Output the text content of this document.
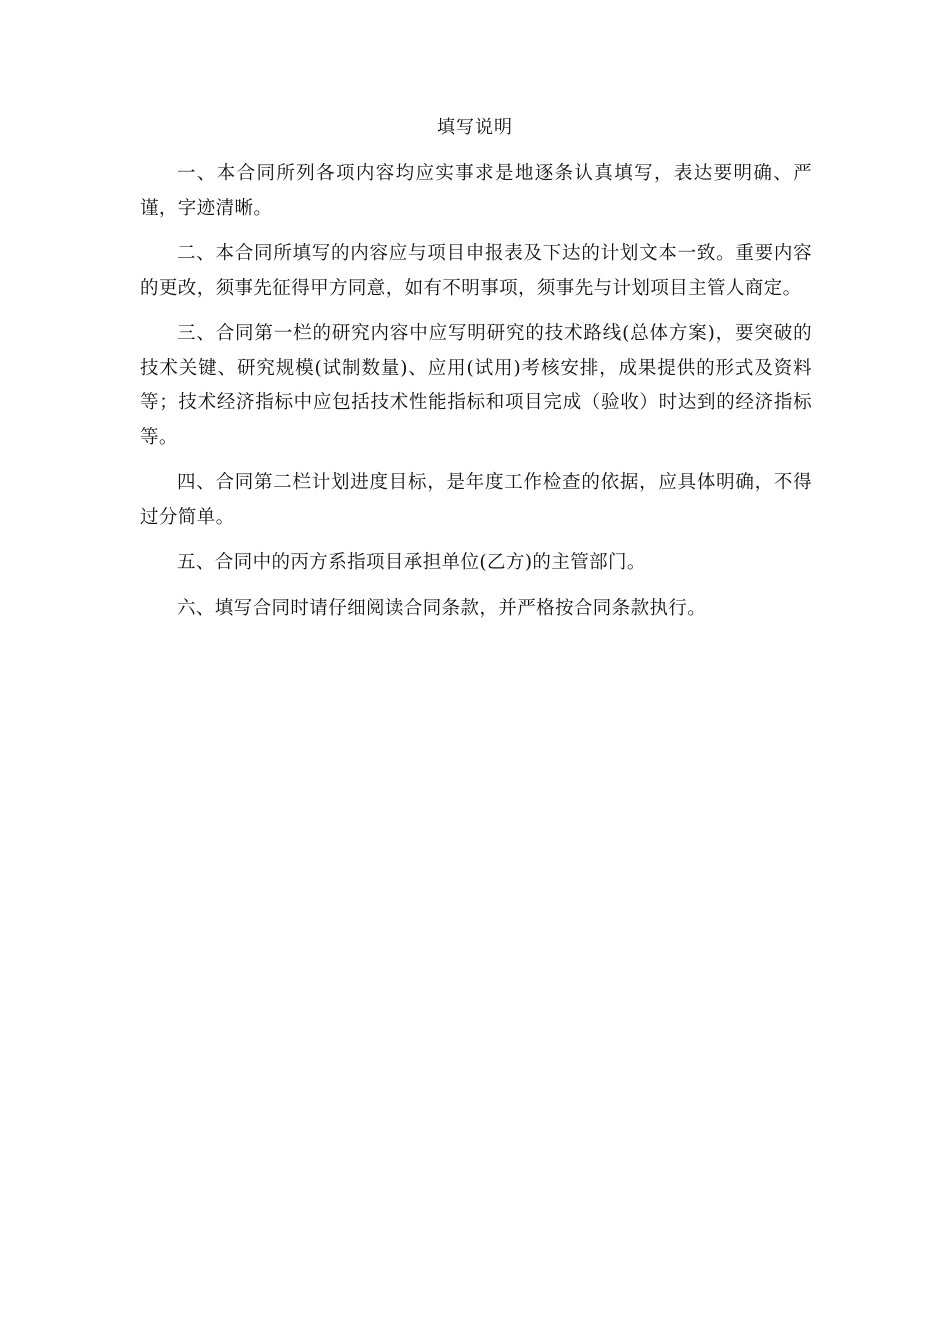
填写说明

一、本合同所列各项内容均应实事求是地逐条认真填写，表达要明确、严谨，字迹清晰。

二、本合同所填写的内容应与项目申报表及下达的计划文本一致。重要内容的更改，须事先征得甲方同意，如有不明事项，须事先与计划项目主管人商定。

三、合同第一栏的研究内容中应写明研究的技术路线(总体方案)，要突破的技术关键、研究规模(试制数量)、应用(试用)考核安排，成果提供的形式及资料等；技术经济指标中应包括技术性能指标和项目完成（验收）时达到的经济指标等。

四、合同第二栏计划进度目标，是年度工作检查的依据，应具体明确，不得过分简单。

五、合同中的丙方系指项目承担单位(乙方)的主管部门。

六、填写合同时请仔细阅读合同条款，并严格按合同条款执行。
